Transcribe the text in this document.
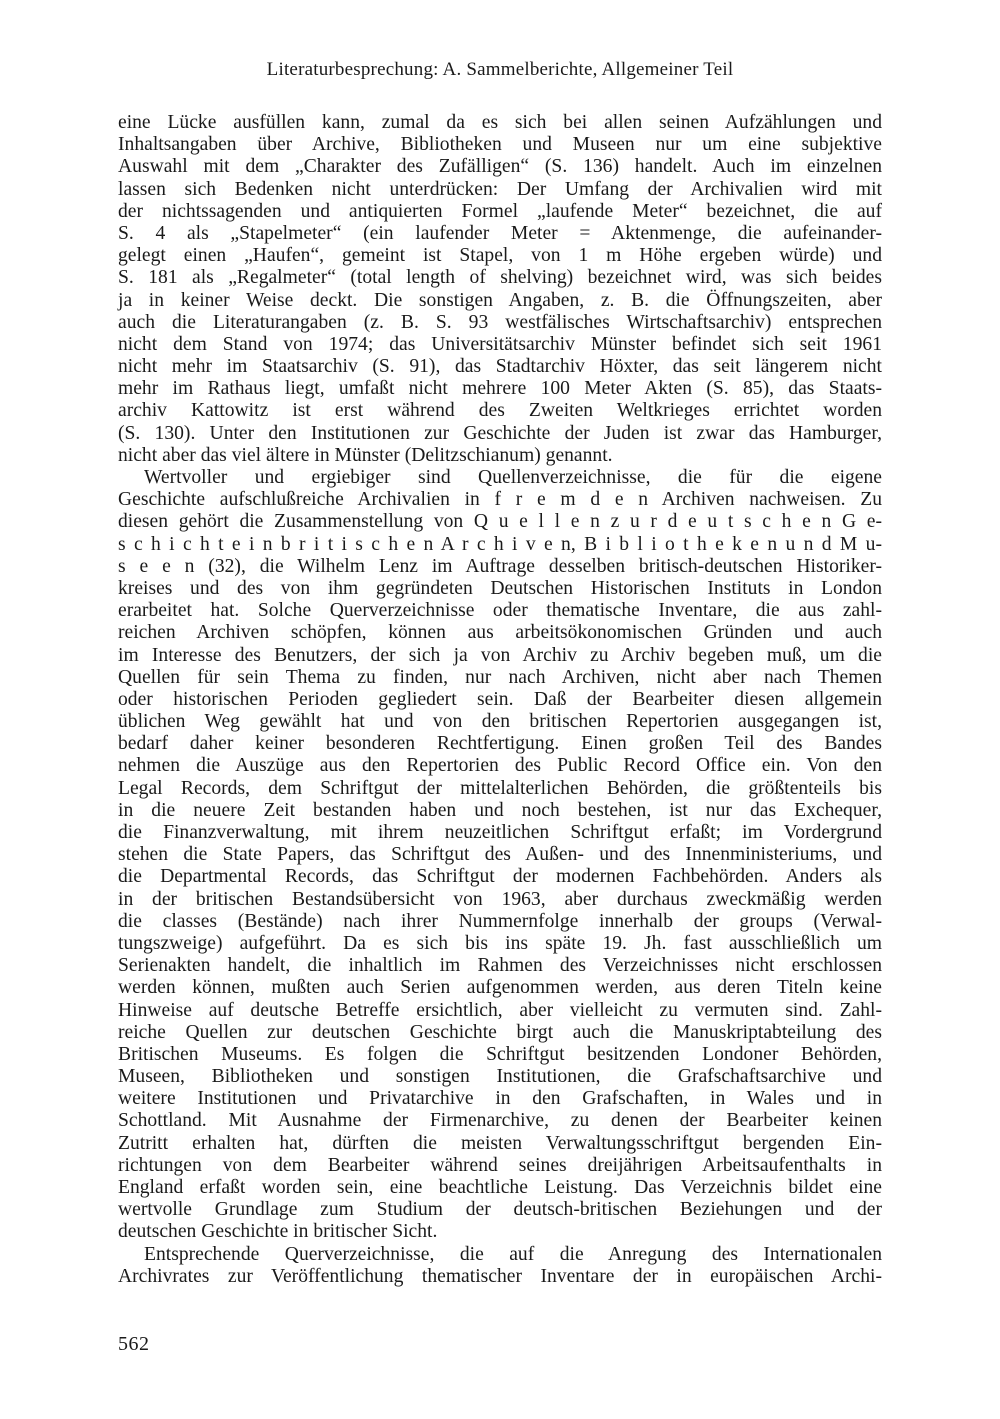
Literaturbesprechung: A. Sammelberichte, Allgemeiner Teil
eine Lücke ausfüllen kann, zumal da es sich bei allen seinen Aufzählungen und
Inhaltsangaben über Archive, Bibliotheken und Museen nur um eine subjektive
Auswahl mit dem „Charakter des Zufälligen“ (S. 136) handelt. Auch im einzelnen
lassen sich Bedenken nicht unterdrücken: Der Umfang der Archivalien wird mit
der nichtssagenden und antiquierten Formel „laufende Meter“ bezeichnet, die auf
S. 4 als „Stapelmeter“ (ein laufender Meter = Aktenmenge, die aufeinander-
gelegt einen „Haufen“, gemeint ist Stapel, von 1 m Höhe ergeben würde) und
S. 181 als „Regalmeter“ (total length of shelving) bezeichnet wird, was sich beides
ja in keiner Weise deckt. Die sonstigen Angaben, z. B. die Öffnungszeiten, aber
auch die Literaturangaben (z. B. S. 93 westfälisches Wirtschaftsarchiv) entsprechen
nicht dem Stand von 1974; das Universitätsarchiv Münster befindet sich seit 1961
nicht mehr im Staatsarchiv (S. 91), das Stadtarchiv Höxter, das seit längerem nicht
mehr im Rathaus liegt, umfaßt nicht mehrere 100 Meter Akten (S. 85), das Staats-
archiv Kattowitz ist erst während des Zweiten Weltkrieges errichtet worden
(S. 130). Unter den Institutionen zur Geschichte der Juden ist zwar das Hamburger,
nicht aber das viel ältere in Münster (Delitzschianum) genannt.
Wertvoller und ergiebiger sind Quellenverzeichnisse, die für die eigene
Geschichte aufschlußreiche Archivalien in f r e m d e n Archiven nachweisen. Zu
diesen gehört die Zusammenstellung von Q u e l l e n z u r d e u t s c h e n G e-
s c h i c h t e i n b r i t i s c h e n A r c h i v e n, B i b l i o t h e k e n u n d M u-
s e e n (32), die Wilhelm Lenz im Auftrage desselben britisch-deutschen Historiker-
kreises und des von ihm gegründeten Deutschen Historischen Instituts in London
erarbeitet hat. Solche Querverzeichnisse oder thematische Inventare, die aus zahl-
reichen Archiven schöpfen, können aus arbeitsökonomischen Gründen und auch
im Interesse des Benutzers, der sich ja von Archiv zu Archiv begeben muß, um die
Quellen für sein Thema zu finden, nur nach Archiven, nicht aber nach Themen
oder historischen Perioden gegliedert sein. Daß der Bearbeiter diesen allgemein
üblichen Weg gewählt hat und von den britischen Repertorien ausgegangen ist,
bedarf daher keiner besonderen Rechtfertigung. Einen großen Teil des Bandes
nehmen die Auszüge aus den Repertorien des Public Record Office ein. Von den
Legal Records, dem Schriftgut der mittelalterlichen Behörden, die größtenteils bis
in die neuere Zeit bestanden haben und noch bestehen, ist nur das Exchequer,
die Finanzverwaltung, mit ihrem neuzeitlichen Schriftgut erfaßt; im Vordergrund
stehen die State Papers, das Schriftgut des Außen- und des Innenministeriums, und
die Departmental Records, das Schriftgut der modernen Fachbehörden. Anders als
in der britischen Bestandsübersicht von 1963, aber durchaus zweckmäßig werden
die classes (Bestände) nach ihrer Nummernfolge innerhalb der groups (Verwal-
tungszweige) aufgeführt. Da es sich bis ins späte 19. Jh. fast ausschließlich um
Serienakten handelt, die inhaltlich im Rahmen des Verzeichnisses nicht erschlossen
werden können, mußten auch Serien aufgenommen werden, aus deren Titeln keine
Hinweise auf deutsche Betreffe ersichtlich, aber vielleicht zu vermuten sind. Zahl-
reiche Quellen zur deutschen Geschichte birgt auch die Manuskriptabteilung des
Britischen Museums. Es folgen die Schriftgut besitzenden Londoner Behörden,
Museen, Bibliotheken und sonstigen Institutionen, die Grafschaftsarchive und
weitere Institutionen und Privatarchive in den Grafschaften, in Wales und in
Schottland. Mit Ausnahme der Firmenarchive, zu denen der Bearbeiter keinen
Zutritt erhalten hat, dürften die meisten Verwaltungsschriftgut bergenden Ein-
richtungen von dem Bearbeiter während seines dreijährigen Arbeitsaufenthalts in
England erfaßt worden sein, eine beachtliche Leistung. Das Verzeichnis bildet eine
wertvolle Grundlage zum Studium der deutsch-britischen Beziehungen und der
deutschen Geschichte in britischer Sicht.
Entsprechende Querverzeichnisse, die auf die Anregung des Internationalen
Archivrates zur Veröffentlichung thematischer Inventare der in europäischen Archi-
562
